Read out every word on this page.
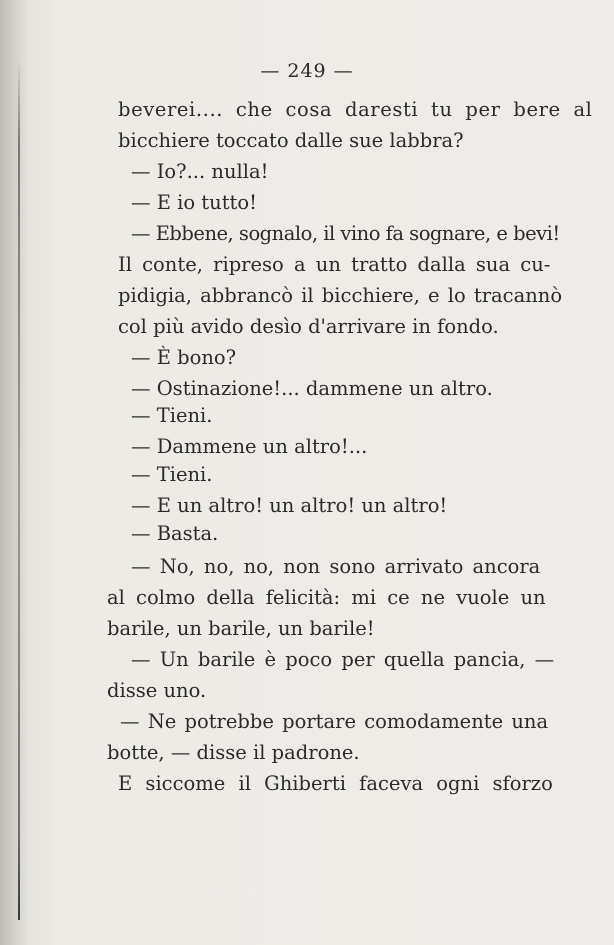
— 249 —
beverei.... che cosa daresti tu per bere al
bicchiere toccato dalle sue labbra?
— Io?... nulla!
— E io tutto!
— Ebbene, sognalo, il vino fa sognare, e bevi!
Il conte, ripreso a un tratto dalla sua cu-
pidigia, abbrancò il bicchiere, e lo tracannò
col più avido desìo d'arrivare in fondo.
— È bono?
— Ostinazione!... dammene un altro.
— Tieni.
— Dammene un altro!...
— Tieni.
— E un altro! un altro! un altro!
— Basta.
— No, no, no, non sono arrivato ancora
al colmo della felicità: mi ce ne vuole un
barile, un barile, un barile!
— Un barile è poco per quella pancia, —
disse uno.
— Ne potrebbe portare comodamente una
botte, — disse il padrone.
E siccome il Ghiberti faceva ogni sforzo
